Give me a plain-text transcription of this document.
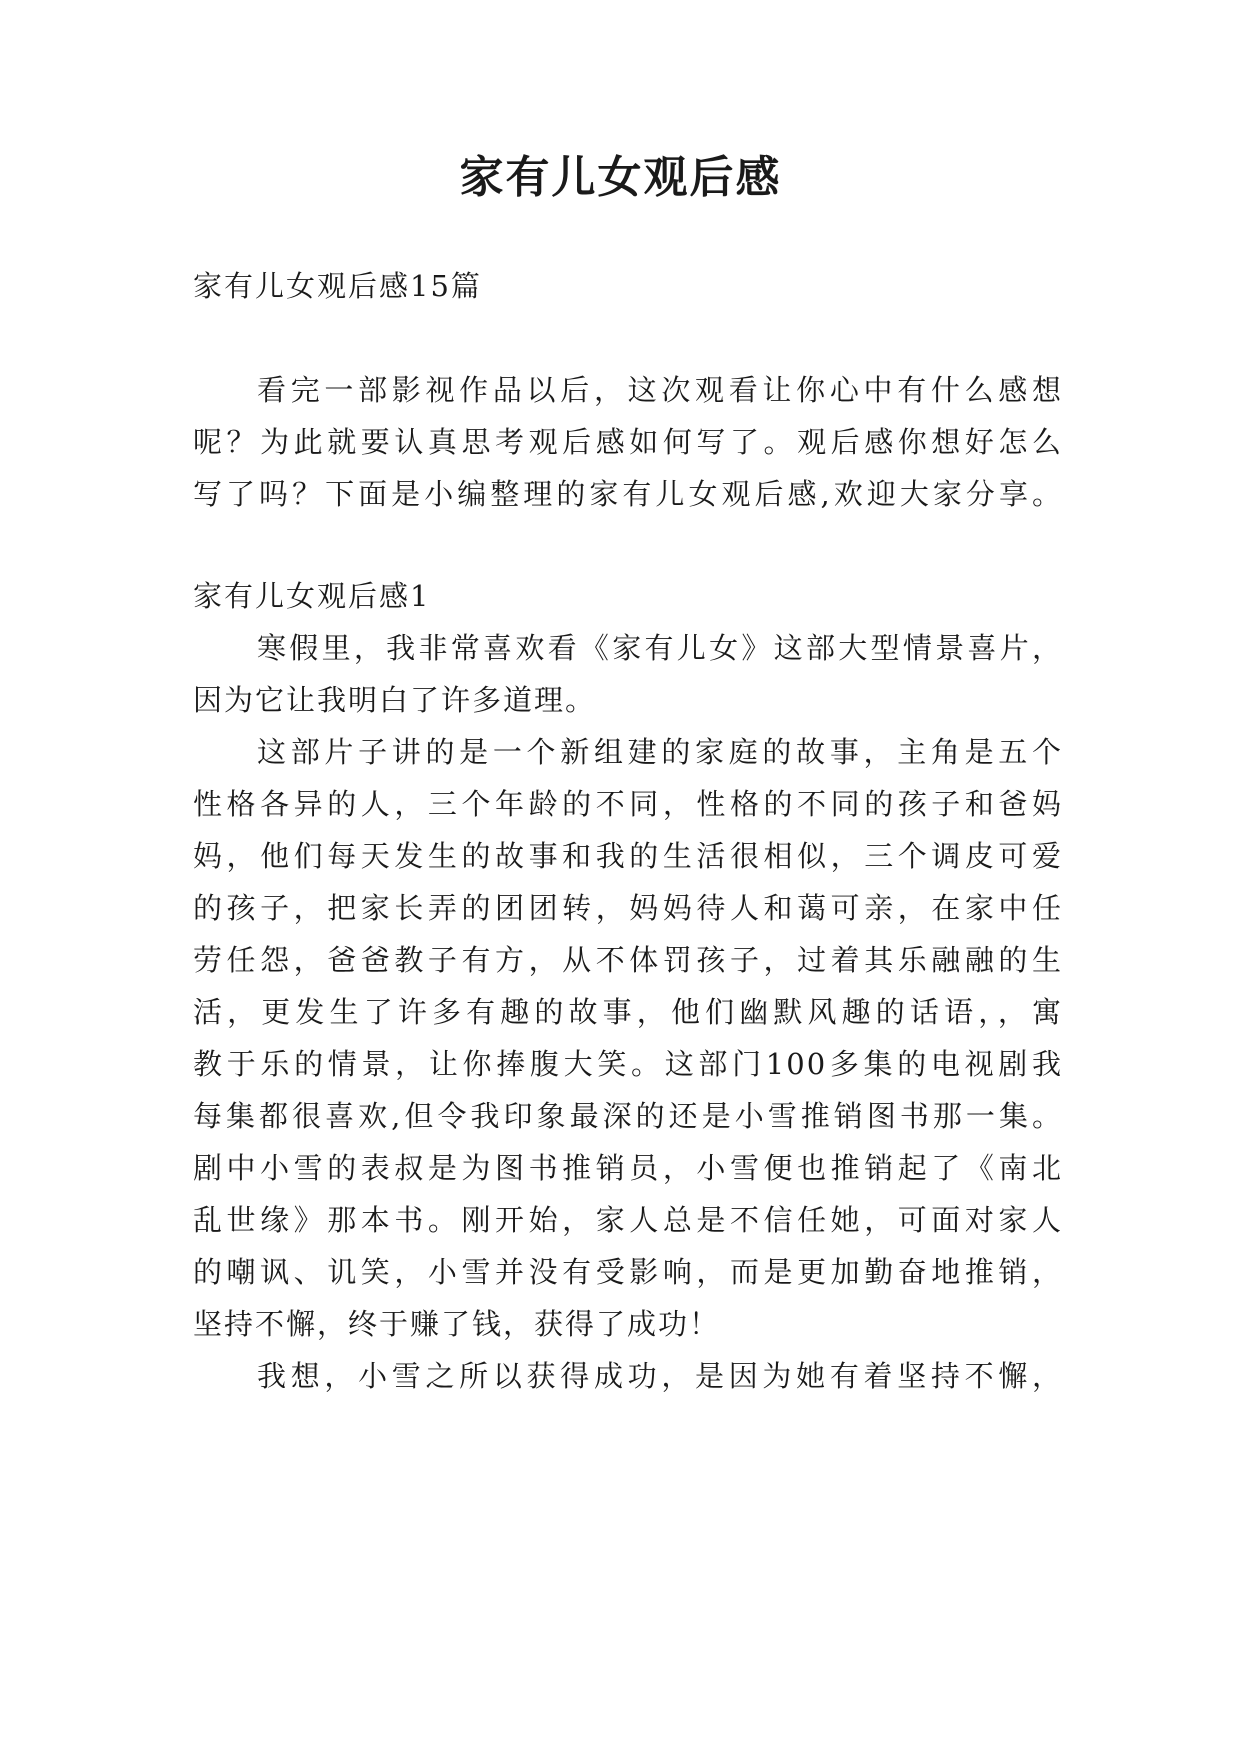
家有儿女观后感
家有儿女观后感15篇
看完一部影视作品以后，这次观看让你心中有什么感想
呢？为此就要认真思考观后感如何写了。观后感你想好怎么
写了吗？下面是小编整理的家有儿女观后感,欢迎大家分享。
家有儿女观后感1
寒假里，我非常喜欢看《家有儿女》这部大型情景喜片，
因为它让我明白了许多道理。
这部片子讲的是一个新组建的家庭的故事，主角是五个
性格各异的人，三个年龄的不同，性格的不同的孩子和爸妈
妈，他们每天发生的故事和我的生活很相似，三个调皮可爱
的孩子，把家长弄的团团转，妈妈待人和蔼可亲，在家中任
劳任怨，爸爸教子有方，从不体罚孩子，过着其乐融融的生
活，更发生了许多有趣的故事，他们幽默风趣的话语，，寓
教于乐的情景，让你捧腹大笑。这部门100多集的电视剧我
每集都很喜欢,但令我印象最深的还是小雪推销图书那一集。
剧中小雪的表叔是为图书推销员，小雪便也推销起了《南北
乱世缘》那本书。刚开始，家人总是不信任她，可面对家人
的嘲讽、讥笑，小雪并没有受影响，而是更加勤奋地推销，
坚持不懈，终于赚了钱，获得了成功！
我想，小雪之所以获得成功，是因为她有着坚持不懈，
